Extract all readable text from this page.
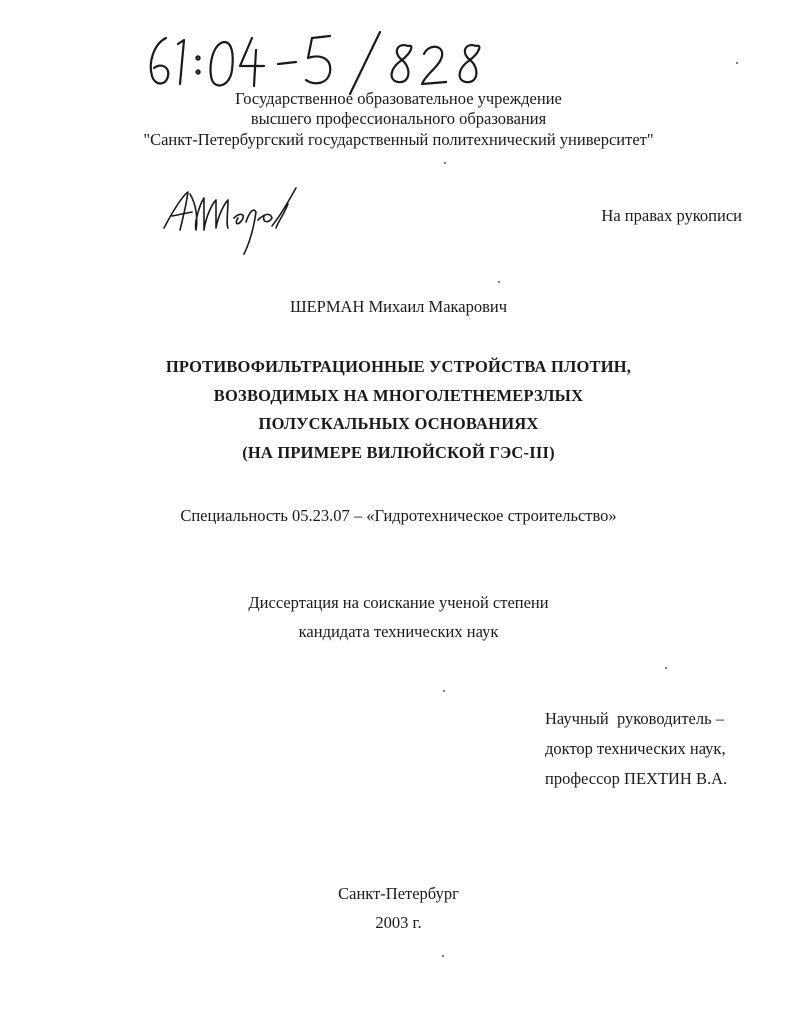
Государственное образовательное учреждение
высшего профессионального образования
"Санкт-Петербургский государственный политехнический университет"
На правах рукописи
ШЕРМАН Михаил Макарович
ПРОТИВОФИЛЬТРАЦИОННЫЕ УСТРОЙСТВА ПЛОТИН,
ВОЗВОДИМЫХ НА МНОГОЛЕТНЕМЕРЗЛЫХ
ПОЛУСКАЛЬНЫХ ОСНОВАНИЯХ
(НА ПРИМЕРЕ ВИЛЮЙСКОЙ ГЭС-III)
Специальность 05.23.07 – «Гидротехническое строительство»
Диссертация на соискание ученой степени
кандидата технических наук
Научный  руководитель –
доктор технических наук,
профессор ПЕХТИН В.А.
Санкт-Петербург
2003 г.
